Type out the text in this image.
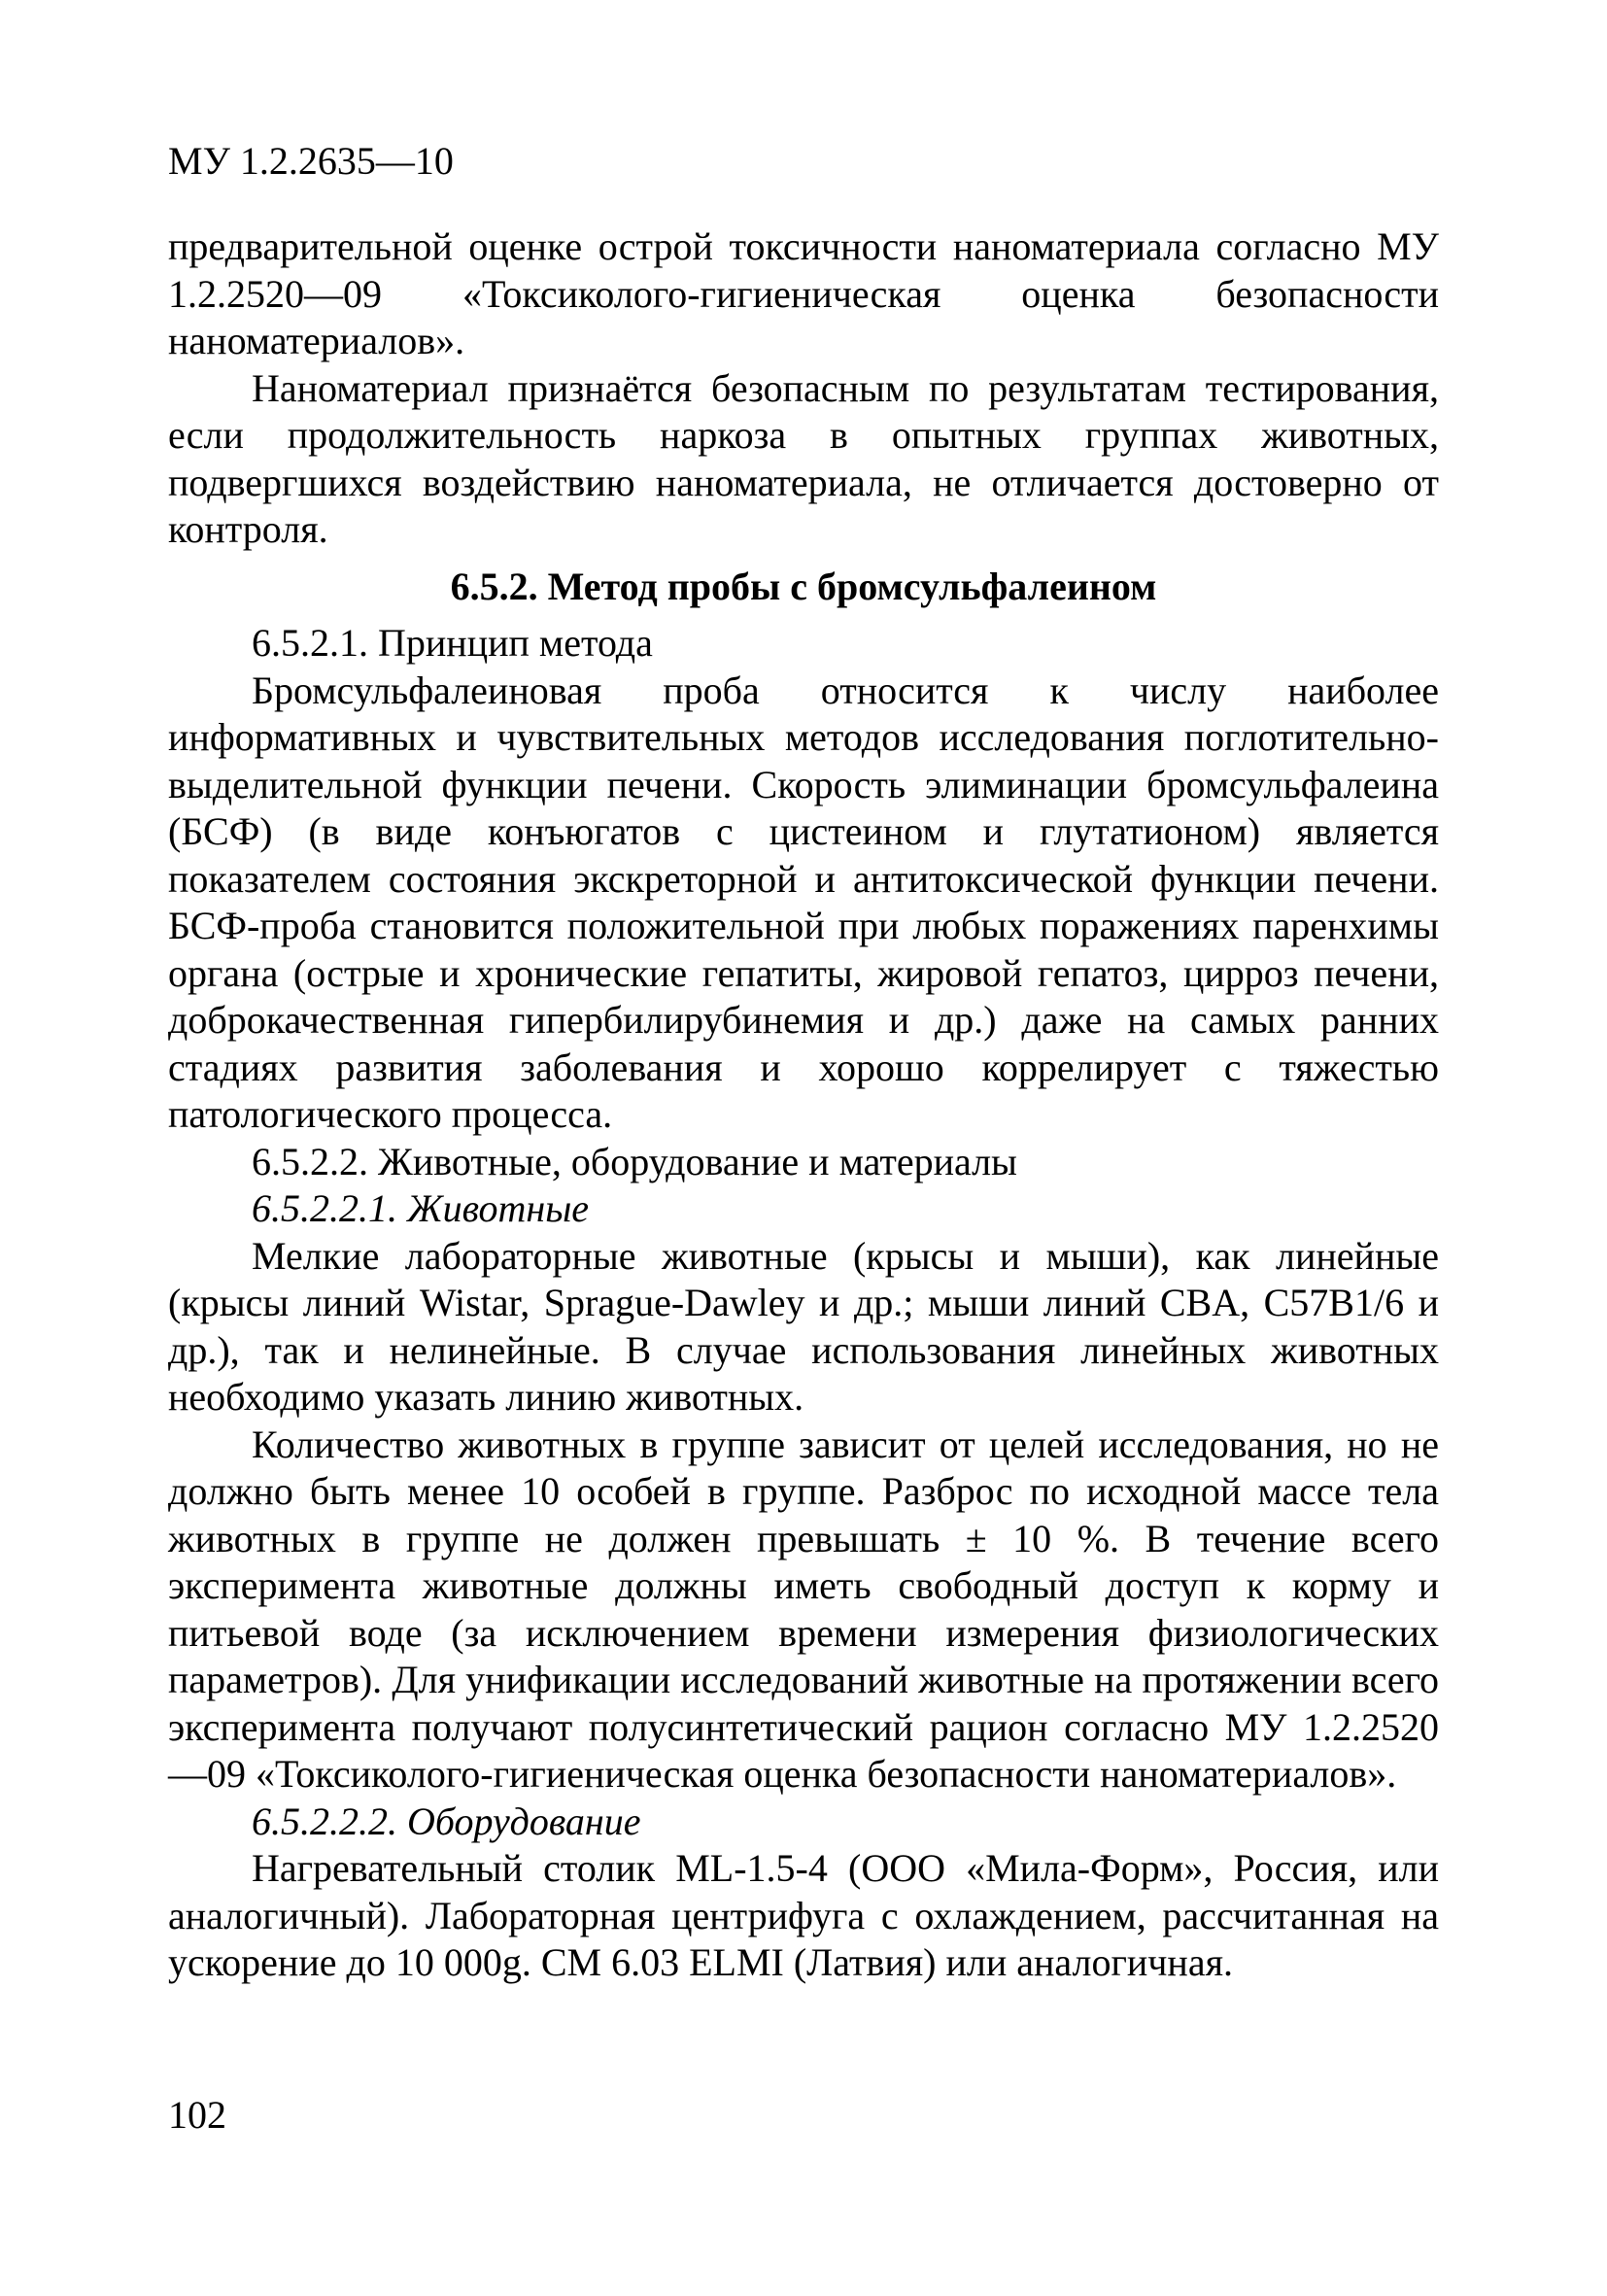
МУ 1.2.2635—10

предварительной оценке острой токсичности наноматериала согласно МУ 1.2.2520—09 «Токсиколого-гигиеническая оценка безопасности наноматериалов».

Наноматериал признаётся безопасным по результатам тестирования, если продолжительность наркоза в опытных группах животных, подвергшихся воздействию наноматериала, не отличается достоверно от контроля.

6.5.2. Метод пробы с бромсульфалеином

6.5.2.1. Принцип метода

Бромсульфалеиновая проба относится к числу наиболее информативных и чувствительных методов исследования поглотительно-выделительной функции печени. Скорость элиминации бромсульфалеина (БСФ) (в виде конъюгатов с цистеином и глутатионом) является показателем состояния экскреторной и антитоксической функции печени. БСФ-проба становится положительной при любых поражениях паренхимы органа (острые и хронические гепатиты, жировой гепатоз, цирроз печени, доброкачественная гипербилирубинемия и др.) даже на самых ранних стадиях развития заболевания и хорошо коррелирует с тяжестью патологического процесса.

6.5.2.2. Животные, оборудование и материалы

6.5.2.2.1. Животные

Мелкие лабораторные животные (крысы и мыши), как линейные (крысы линий Wistar, Sprague-Dawley и др.; мыши линий CBA, C57B1/6 и др.), так и нелинейные. В случае использования линейных животных необходимо указать линию животных.

Количество животных в группе зависит от целей исследования, но не должно быть менее 10 особей в группе. Разброс по исходной массе тела животных в группе не должен превышать ± 10 %. В течение всего эксперимента животные должны иметь свободный доступ к корму и питьевой воде (за исключением времени измерения физиологических параметров). Для унификации исследований животные на протяжении всего эксперимента получают полусинтетический рацион согласно МУ 1.2.2520—09 «Токсиколого-гигиеническая оценка безопасности наноматериалов».

6.5.2.2.2. Оборудование

Нагревательный столик ML-1.5-4 (ООО «Мила-Форм», Россия, или аналогичный). Лабораторная центрифуга с охлаждением, рассчитанная на ускорение до 10 000g. СМ 6.03 ELMI (Латвия) или аналогичная.

102
